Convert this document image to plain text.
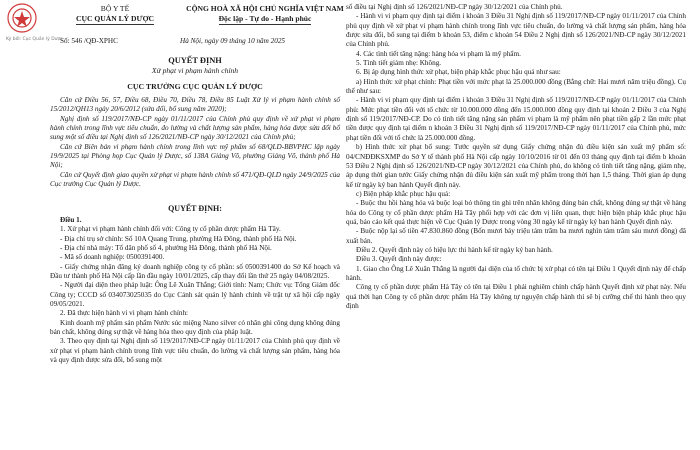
Ký bởi: Cục Quản lý Dược ...
BỘ Y TẾ
CỤC QUẢN LÝ DƯỢC
CỘNG HOÀ XÃ HỘI CHỦ NGHĨA VIỆT NAM
Độc lập - Tự do - Hạnh phúc
Số: 546 /QĐ-XPHC	Hà Nội, ngày 09 tháng 10 năm 2025
QUYẾT ĐỊNH
Xử phạt vi phạm hành chính
CỤC TRƯỞNG CỤC QUẢN LÝ DƯỢC

Căn cứ Điều 56, 57, Điều 68, Điều 70, Điều 78, Điều 85 Luật Xử lý vi phạm hành chính số 15/2012/QH13 ngày 20/6/2012 (sửa đổi, bổ sung năm 2020);

Nghị định số 119/2017/NĐ-CP ngày 01/11/2017 của Chính phủ quy định về xử phạt vi phạm hành chính trong lĩnh vực tiêu chuẩn, đo lường và chất lượng sản phẩm, hàng hóa được sửa đổi bổ sung một số điều tại Nghị định số 126/2021/NĐ-CP ngày 30/12/2021 của Chính phủ;

Căn cứ Biên bản vi phạm hành chính trong lĩnh vực mỹ phẩm số 68/QLD-BBVPHC lập ngày 19/9/2025 tại Phòng họp Cục Quản lý Dược, số 138A Giảng Võ, phường Giảng Võ, thành phố Hà Nội;

Căn cứ Quyết định giao quyền xử phạt vi phạm hành chính số 471/QĐ-QLD ngày 24/9/2025 của Cục trưởng Cục Quản lý Dược.

QUYẾT ĐỊNH:

Điều 1.

1. Xử phạt vi phạm hành chính đối với: Công ty cổ phần dược phẩm Hà Tây.

- Địa chỉ trụ sở chính: Số 10A Quang Trung, phường Hà Đông, thành phố Hà Nội.

- Địa chỉ nhà máy: Tổ dân phố số 4, phường Hà Đông, thành phố Hà Nội.

- Mã số doanh nghiệp: 0500391400.

- Giấy chứng nhận đăng ký doanh nghiệp công ty cổ phần: số 0500391400 do Sở Kế hoạch và Đầu tư thành phố Hà Nội cấp lần đầu ngày 10/01/2025, cấp thay đổi lần thứ 25 ngày 04/08/2025.

- Người đại diện theo pháp luật: Ông Lê Xuân Thắng; Giới tính: Nam; Chức vụ: Tổng Giám đốc Công ty; CCCD số 034073025035 do Cục Cảnh sát quản lý hành chính về trật tự xã hội cấp ngày 09/05/2021.

2. Đã thực hiện hành vi vi phạm hành chính:

Kinh doanh mỹ phẩm sản phẩm Nước súc miệng Nano silver có nhãn ghi công dụng không đúng bản chất, không đúng sự thật về hàng hóa theo quy định của pháp luật.

3. Theo quy định tại Nghị định số 119/2017/NĐ-CP ngày 01/11/2017 của Chính phủ quy định về xử phạt vi phạm hành chính trong lĩnh vực tiêu chuẩn, đo lường và chất lượng sản phẩm, hàng hóa và quy định được sửa đổi, bổ sung một

số điều tại Nghị định số 126/2021/NĐ-CP ngày 30/12/2021 của Chính phủ.

- Hành vi vi phạm quy định tại điểm i khoản 3 Điều 31 Nghị định số 119/2017/NĐ-CP ngày 01/11/2017 của Chính phủ quy định về xử phạt vi phạm hành chính trong lĩnh vực tiêu chuẩn, đo lường và chất lượng sản phẩm, hàng hóa được sửa đổi, bổ sung tại điểm b khoản 53, điểm c khoản 54 Điều 2 Nghị định số 126/2021/NĐ-CP ngày 30/12/2021 của Chính phủ.

4. Các tình tiết tăng nặng: hàng hóa vi phạm là mỹ phẩm.

5. Tình tiết giảm nhẹ: Không.

6. Bị áp dụng hình thức xử phạt, biện pháp khắc phục hậu quả như sau:

a) Hình thức xử phạt chính: Phạt tiền với mức phạt là 25.000.000 đồng (Bằng chữ: Hai mươi năm triệu đồng). Cụ thể như sau:

- Hành vi vi phạm quy định tại điểm i khoản 3 Điều 31 Nghị định số 119/2017/NĐ-CP ngày 01/11/2017 của Chính phủ: Mức phạt tiền đối với tổ chức từ 10.000.000 đồng đến 15.000.000 đồng quy định tại khoản 2 Điều 3 của Nghị định số 119/2017/NĐ-CP. Do có tình tiết tăng nặng sản phẩm vi phạm là mỹ phẩm nên phạt tiền gấp 2 lần mức phạt tiền được quy định tại điểm n khoản 3 Điều 31 Nghị định số 119/2017/NĐ-CP ngày 01/11/2017 của Chính phủ, mức phạt tiền đối với tổ chức là 25.000.000 đồng.

b) Hình thức xử phạt bổ sung: Tước quyền sử dụng Giấy chứng nhận đủ điều kiện sản xuất mỹ phẩm số: 04/CNĐĐKSXMP do Sở Y tế thành phố Hà Nội cấp ngày 10/10/2016 từ 01 đến 03 tháng quy định tại điểm b khoản 53 Điều 2 Nghị định số 126/2021/NĐ-CP ngày 30/12/2021 của Chính phủ, do không có tình tiết tăng nặng, giảm nhẹ, áp dụng thời gian tước Giấy chứng nhận đủ điều kiện sản xuất mỹ phẩm trong thời hạn 1,5 tháng. Thời gian áp dụng kể từ ngày ký ban hành Quyết định này.

c) Biện pháp khắc phục hậu quả:

- Buộc thu hồi hàng hóa và buộc loại bỏ thông tin ghi trên nhãn không đúng bản chất, không đúng sự thật về hàng hóa do Công ty cổ phần dược phẩm Hà Tây phối hợp với các đơn vị liên quan, thực hiện biện pháp khắc phục hậu quả, báo cáo kết quả thực hiện về Cục Quản lý Dược trong vòng 30 ngày kể từ ngày ký ban hành Quyết định này.

- Buộc nộp lại số tiền 47.830.860 đồng (Bốn mươi bảy triệu tám trăm ba mươi nghìn tám trăm sáu mươi đồng) đã xuất bán.

Điều 2. Quyết định này có hiệu lực thi hành kể từ ngày ký ban hành.

Điều 3. Quyết định này được:

1. Giao cho Ông Lê Xuân Thắng là người đại diện của tổ chức bị xử phạt có tên tại Điều 1 Quyết định này để chấp hành.

Công ty cổ phần dược phẩm Hà Tây có tên tại Điều 1 phải nghiêm chỉnh chấp hành Quyết định xử phạt này. Nếu quá thời hạn Công ty cổ phần dược phẩm Hà Tây không tự nguyện chấp hành thì sẽ bị cưỡng chế thi hành theo quy định
